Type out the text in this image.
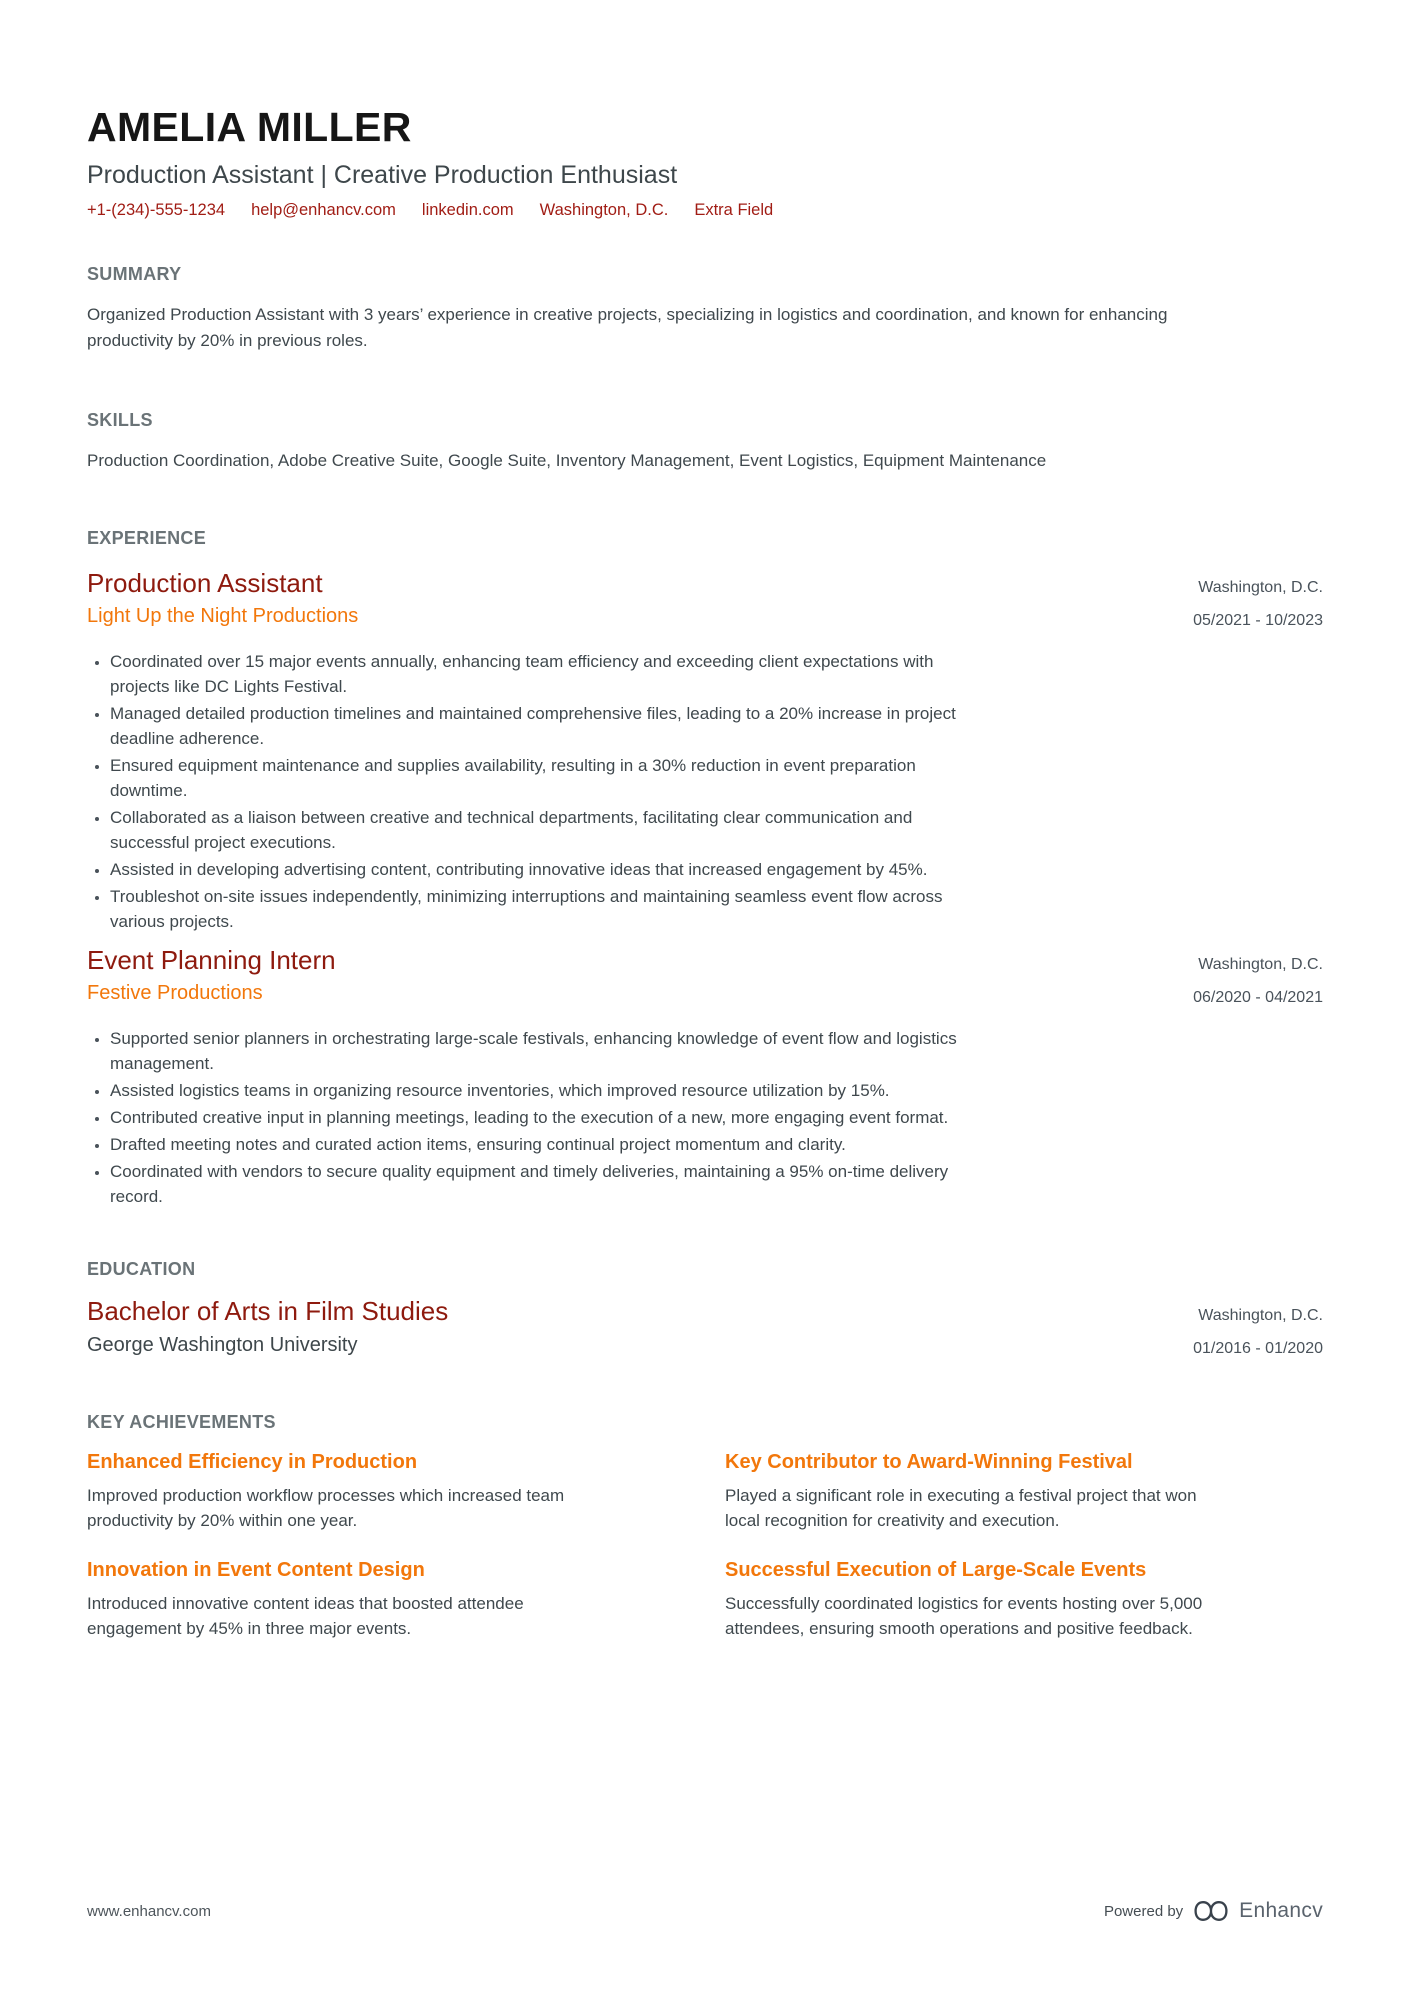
AMELIA MILLER
Production Assistant | Creative Production Enthusiast
+1-(234)-555-1234 help@enhancv.com linkedin.com Washington, D.C. Extra Field
SUMMARY

Organized Production Assistant with 3 years’ experience in creative projects, specializing in logistics and coordination, and known for enhancing productivity by 20% in previous roles.

SKILLS

Production Coordination, Adobe Creative Suite, Google Suite, Inventory Management, Event Logistics, Equipment Maintenance

EXPERIENCE
Production Assistant
Light Up the Night Productions
Washington, D.C.
05/2021 - 10/2023
• Coordinated over 15 major events annually, enhancing team efficiency and exceeding client expectations with projects like DC Lights Festival.
• Managed detailed production timelines and maintained comprehensive files, leading to a 20% increase in project deadline adherence.
• Ensured equipment maintenance and supplies availability, resulting in a 30% reduction in event preparation downtime.
• Collaborated as a liaison between creative and technical departments, facilitating clear communication and successful project executions.
• Assisted in developing advertising content, contributing innovative ideas that increased engagement by 45%.
• Troubleshot on-site issues independently, minimizing interruptions and maintaining seamless event flow across various projects.
Event Planning Intern
Festive Productions
Washington, D.C.
06/2020 - 04/2021
• Supported senior planners in orchestrating large-scale festivals, enhancing knowledge of event flow and logistics management.
• Assisted logistics teams in organizing resource inventories, which improved resource utilization by 15%.
• Contributed creative input in planning meetings, leading to the execution of a new, more engaging event format.
• Drafted meeting notes and curated action items, ensuring continual project momentum and clarity.
• Coordinated with vendors to secure quality equipment and timely deliveries, maintaining a 95% on-time delivery record.
EDUCATION
Bachelor of Arts in Film Studies
George Washington University
Washington, D.C.
01/2016 - 01/2020
KEY ACHIEVEMENTS
Enhanced Efficiency in Production

Improved production workflow processes which increased team productivity by 20% within one year.

Key Contributor to Award-Winning Festival

Played a significant role in executing a festival project that won local recognition for creativity and execution.

Innovation in Event Content Design

Introduced innovative content ideas that boosted attendee engagement by 45% in three major events.

Successful Execution of Large-Scale Events

Successfully coordinated logistics for events hosting over 5,000 attendees, ensuring smooth operations and positive feedback.

www.enhancv.com	Powered by	Enhancv
